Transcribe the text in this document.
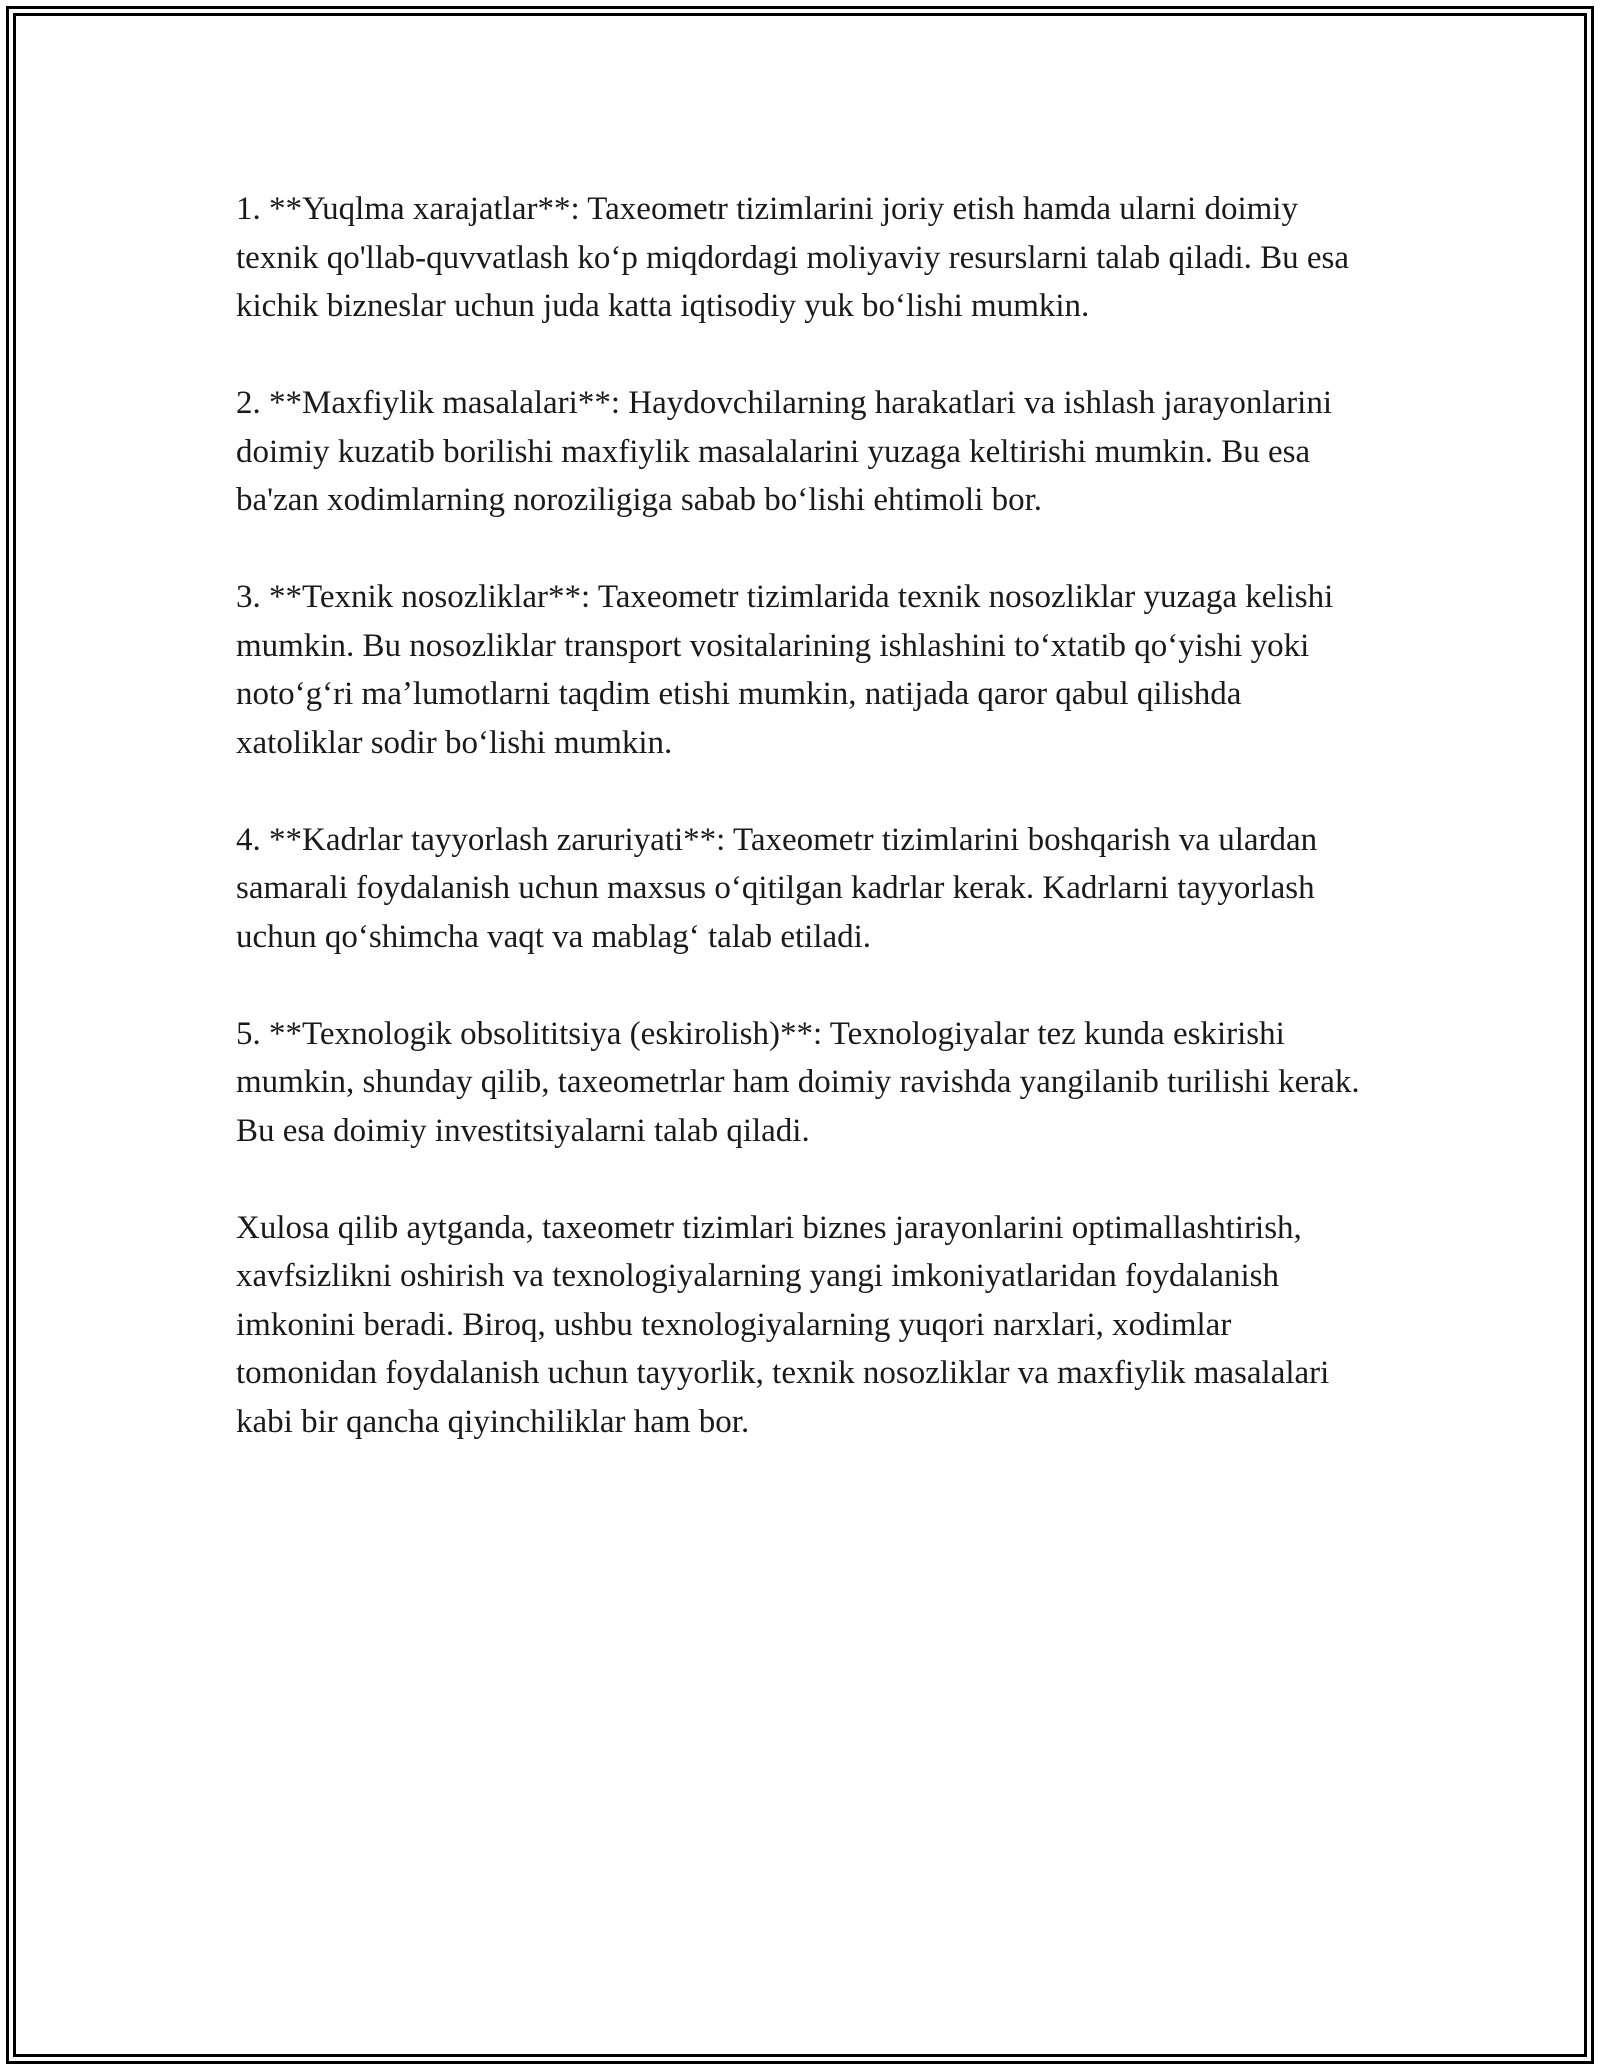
1. **Yuqlma xarajatlar**: Taxeometr tizimlarini joriy etish hamda ularni doimiy texnik qo'llab-quvvatlash koʻp miqdordagi moliyaviy resurslarni talab qiladi. Bu esa kichik bizneslar uchun juda katta iqtisodiy yuk boʻlishi mumkin.

2. **Maxfiylik masalalari**: Haydovchilarning harakatlari va ishlash jarayonlarini doimiy kuzatib borilishi maxfiylik masalalarini yuzaga keltirishi mumkin. Bu esa ba'zan xodimlarning noroziligiga sabab boʻlishi ehtimoli bor.

3. **Texnik nosozliklar**: Taxeometr tizimlarida texnik nosozliklar yuzaga kelishi mumkin. Bu nosozliklar transport vositalarining ishlashini toʻxtatib qoʻyishi yoki notoʻgʻri maʼlumotlarni taqdim etishi mumkin, natijada qaror qabul qilishda xatoliklar sodir boʻlishi mumkin.

4. **Kadrlar tayyorlash zaruriyati**: Taxeometr tizimlarini boshqarish va ulardan samarali foydalanish uchun maxsus oʻqitilgan kadrlar kerak. Kadrlarni tayyorlash uchun qoʻshimcha vaqt va mablagʻ talab etiladi.

5. **Texnologik obsolititsiya (eskirolish)**: Texnologiyalar tez kunda eskirishi mumkin, shunday qilib, taxeometrlar ham doimiy ravishda yangilanib turilishi kerak. Bu esa doimiy investitsiyalarni talab qiladi.

Xulosa qilib aytganda, taxeometr tizimlari biznes jarayonlarini optimallashtirish, xavfsizlikni oshirish va texnologiyalarning yangi imkoniyatlaridan foydalanish imkonini beradi. Biroq, ushbu texnologiyalarning yuqori narxlari, xodimlar tomonidan foydalanish uchun tayyorlik, texnik nosozliklar va maxfiylik masalalari kabi bir qancha qiyinchiliklar ham bor.
